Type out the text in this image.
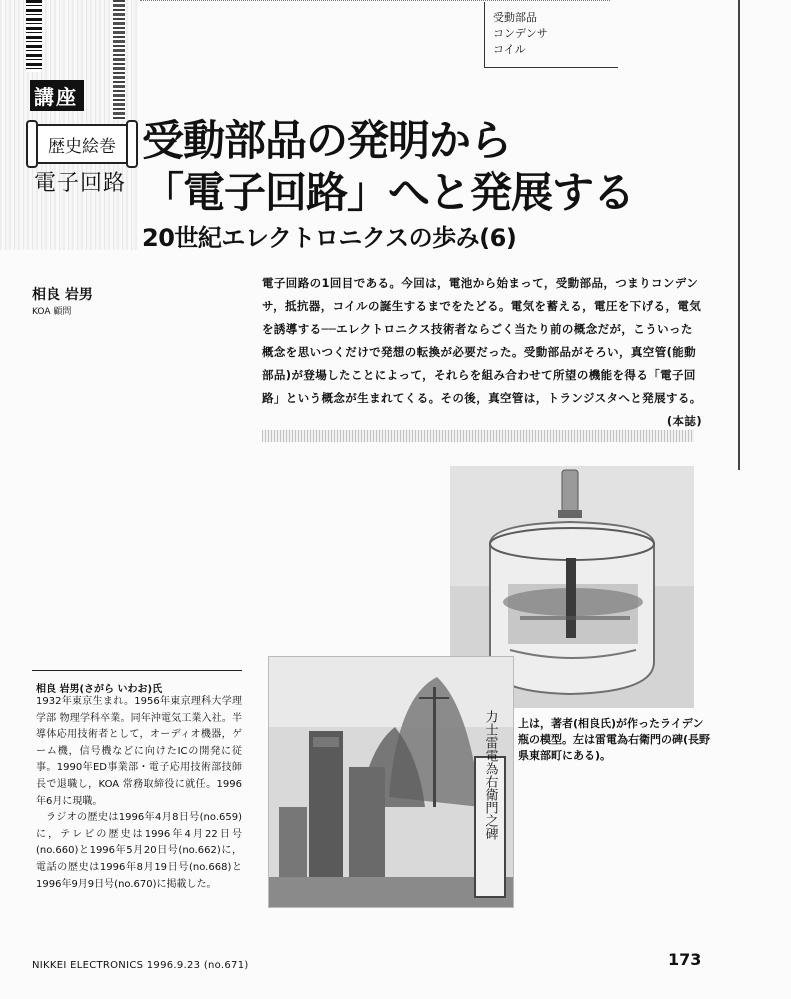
講座
歴史絵巻
電子回路
受動部品
コンデンサ
コイル
受動部品の発明から
「電子回路」へと発展する
20世紀エレクトロニクスの歩み(6)
相良 岩男
KOA 顧問
電子回路の1回目である。今回は，電池から始まって，受動部品，つまりコンデンサ，抵抗器，コイルの誕生するまでをたどる。電気を蓄える，電圧を下げる，電気を誘導する──エレクトロニクス技術者ならごく当たり前の概念だが，こういった概念を思いつくだけで発想の転換が必要だった。受動部品がそろい，真空管(能動部品)が登場したことによって，それらを組み合わせて所望の機能を得る「電子回路」という概念が生まれてくる。その後，真空管は，トランジスタへと発展する。
(本誌)
力士雷電為右衛門之碑 上は，著者(相良氏)が作ったライデン瓶の模型。左は雷電為右衛門の碑(長野県東部町にある)。
相良 岩男(さがら いわお)氏

1932年東京生まれ。1956年東京理科大学理学部 物理学科卒業。同年沖電気工業入社。半導体応用技術者として，オーディオ機器，ゲーム機，信号機などに向けたICの開発に従事。1990年ED事業部・電子応用技術部技師長で退職し，KOA 常務取締役に就任。1996年6月に現職。

ラジオの歴史は1996年4月8日号(no.659)に，テレビの歴史は1996年4月22日号(no.660)と1996年5月20日号(no.662)に，電話の歴史は1996年8月19日号(no.668)と1996年9月9日号(no.670)に掲載した。

NIKKEI ELECTRONICS 1996.9.23 (no.671)	173
